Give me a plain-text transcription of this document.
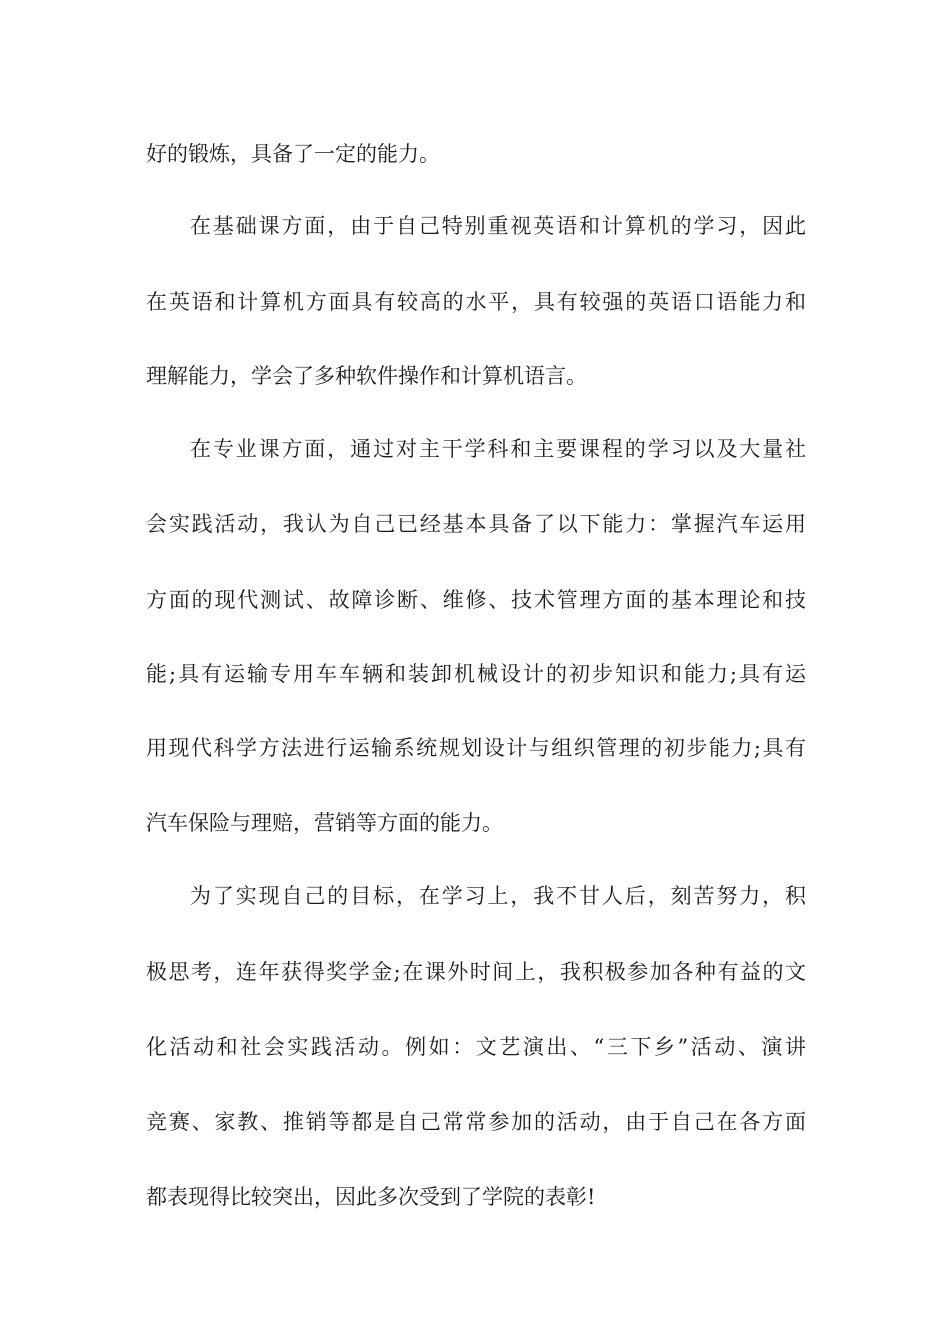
好的锻炼，具备了一定的能力。
在基础课方面，由于自己特别重视英语和计算机的学习，因此
在英语和计算机方面具有较高的水平，具有较强的英语口语能力和
理解能力，学会了多种软件操作和计算机语言。
在专业课方面，通过对主干学科和主要课程的学习以及大量社
会实践活动，我认为自己已经基本具备了以下能力：掌握汽车运用
方面的现代测试、故障诊断、维修、技术管理方面的基本理论和技
能;具有运输专用车车辆和装卸机械设计的初步知识和能力;具有运
用现代科学方法进行运输系统规划设计与组织管理的初步能力;具有
汽车保险与理赔，营销等方面的能力。
为了实现自己的目标，在学习上，我不甘人后，刻苦努力，积
极思考，连年获得奖学金;在课外时间上，我积极参加各种有益的文
化活动和社会实践活动。例如：文艺演出、“三下乡”活动、演讲
竞赛、家教、推销等都是自己常常参加的活动，由于自己在各方面
都表现得比较突出，因此多次受到了学院的表彰!
